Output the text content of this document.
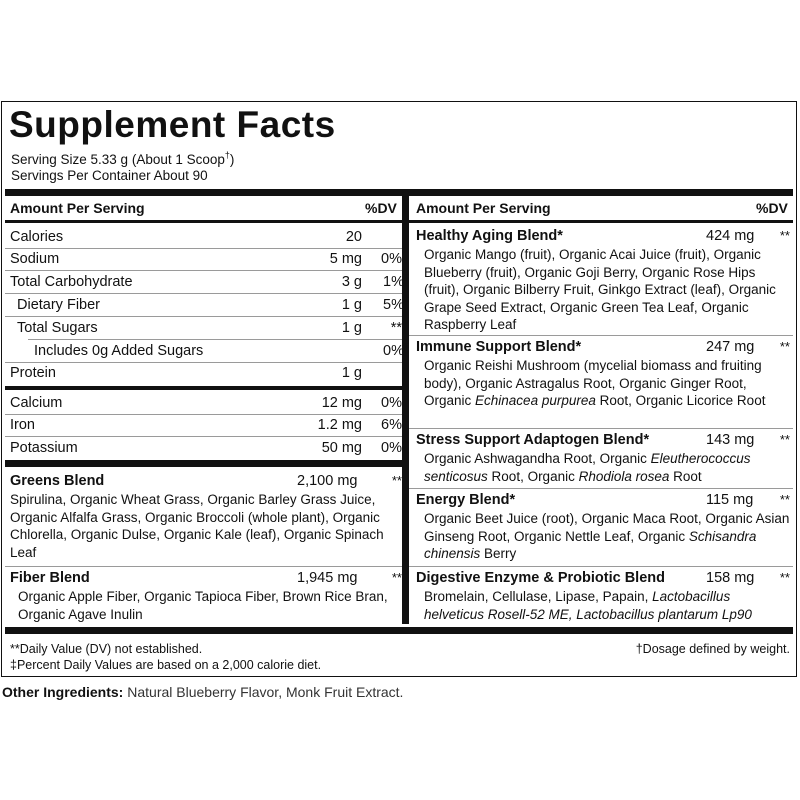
Supplement Facts
Serving Size 5.33 g (About 1 Scoop†)
Servings Per Container About 90
Amount Per Serving	%DV Amount Per Serving	%DV
Calories	20
Sodium	5 mg 0%
Total Carbohydrate	3 g 1%‡
Dietary Fiber	1 g 5%‡
Total Sugars	1 g **
Includes 0g Added Sugars	0%‡
Protein	1 g
Calcium	12 mg 0%
Iron	1.2 mg 6%
Potassium	50 mg 0%
Greens Blend	2,100 mg	**
Spirulina, Organic Wheat Grass, Organic Barley Grass Juice, Organic Alfalfa Grass, Organic Broccoli (whole plant), Organic Chlorella, Organic Dulse, Organic Kale (leaf), Organic Spinach Leaf
Fiber Blend	1,945 mg	**
Organic Apple Fiber, Organic Tapioca Fiber, Brown Rice Bran, Organic Agave Inulin
Healthy Aging Blend*	424 mg **
Organic Mango (fruit), Organic Acai Juice (fruit), Organic Blueberry (fruit), Organic Goji Berry, Organic Rose Hips (fruit), Organic Bilberry Fruit, Ginkgo Extract (leaf), Organic Grape Seed Extract, Organic Green Tea Leaf, Organic Raspberry Leaf
Immune Support Blend*	247 mg **
Organic Reishi Mushroom (mycelial biomass and fruiting body), Organic Astragalus Root, Organic Ginger Root, Organic Echinacea purpurea Root, Organic Licorice Root
Stress Support Adaptogen Blend*	143 mg **
Organic Ashwagandha Root, Organic Eleutherococcus senticosus Root, Organic Rhodiola rosea Root
Energy Blend*	115 mg **
Organic Beet Juice (root), Organic Maca Root, Organic Asian Ginseng Root, Organic Nettle Leaf, Organic Schisandra chinensis Berry
Digestive Enzyme & Probiotic Blend	158 mg **
Bromelain, Cellulase, Lipase, Papain, Lactobacillus helveticus Rosell-52 ME, Lactobacillus plantarum Lp90
**Daily Value (DV) not established.
‡Percent Daily Values are based on a 2,000 calorie diet.
†Dosage defined by weight.
Other Ingredients: Natural Blueberry Flavor, Monk Fruit Extract.
